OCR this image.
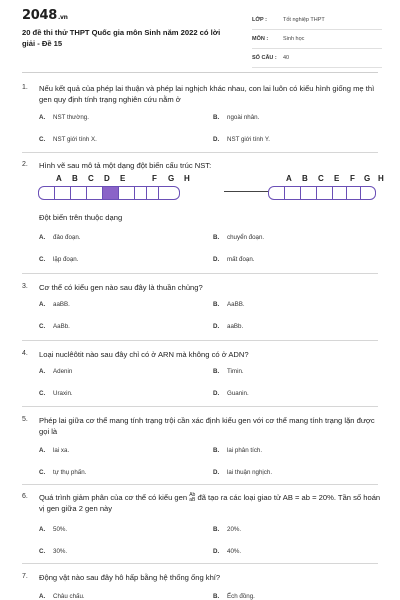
2048.vn
20 đề thi thử THPT Quốc gia môn Sinh năm 2022 có lời giải - Đề 15
LỚP :	Tốt nghiệp THPT
MÔN :	Sinh học
SỐ CÂU : 40
1. Nếu kết quả của phép lai thuận và phép lai nghịch khác nhau, con lai luôn có kiểu hình giống mẹ thì gen quy định tính trạng nghiên cứu nằm ở
A. NST thường.	B. ngoài nhân.
C. NST giới tính X.	D. NST giới tính Y.
2. Hình vẽ sau mô tả một dạng đột biến cấu trúc NST:
A B C D E	F G H	A B C E F G H
Đột biến trên thuộc dạng
A. đảo đoạn.	B. chuyển đoạn.
C. lặp đoạn.	D. mất đoạn.
3. Cơ thể có kiểu gen nào sau đây là thuần chủng?
A. aaBB.	B. AaBB.
C. AaBb.	D. aaBb.
4. Loại nuclêôtit nào sau đây chỉ có ở ARN mà không có ở ADN?
A. Adenin	B. Timin.
C. Uraxin.	D. Guanin.
5. Phép lai giữa cơ thể mang tính trạng trội cần xác định kiểu gen với cơ thể mang tính trạng lặn được gọi là
A. lai xa.	B. lai phân tích.
C. tự thụ phấn.	D. lai thuận nghịch.
6. Quá trình giảm phân của cơ thể có kiểu gen Ab
aB đã tạo ra các loại giao tử AB = ab = 20%. Tần số hoán vị gen giữa 2 gen này
A. 50%.	B. 20%.
C. 30%.	D. 40%.
7. Động vật nào sau đây hô hấp bằng hệ thống ống khí?
A. Châu chấu.	B. Ếch đồng.
